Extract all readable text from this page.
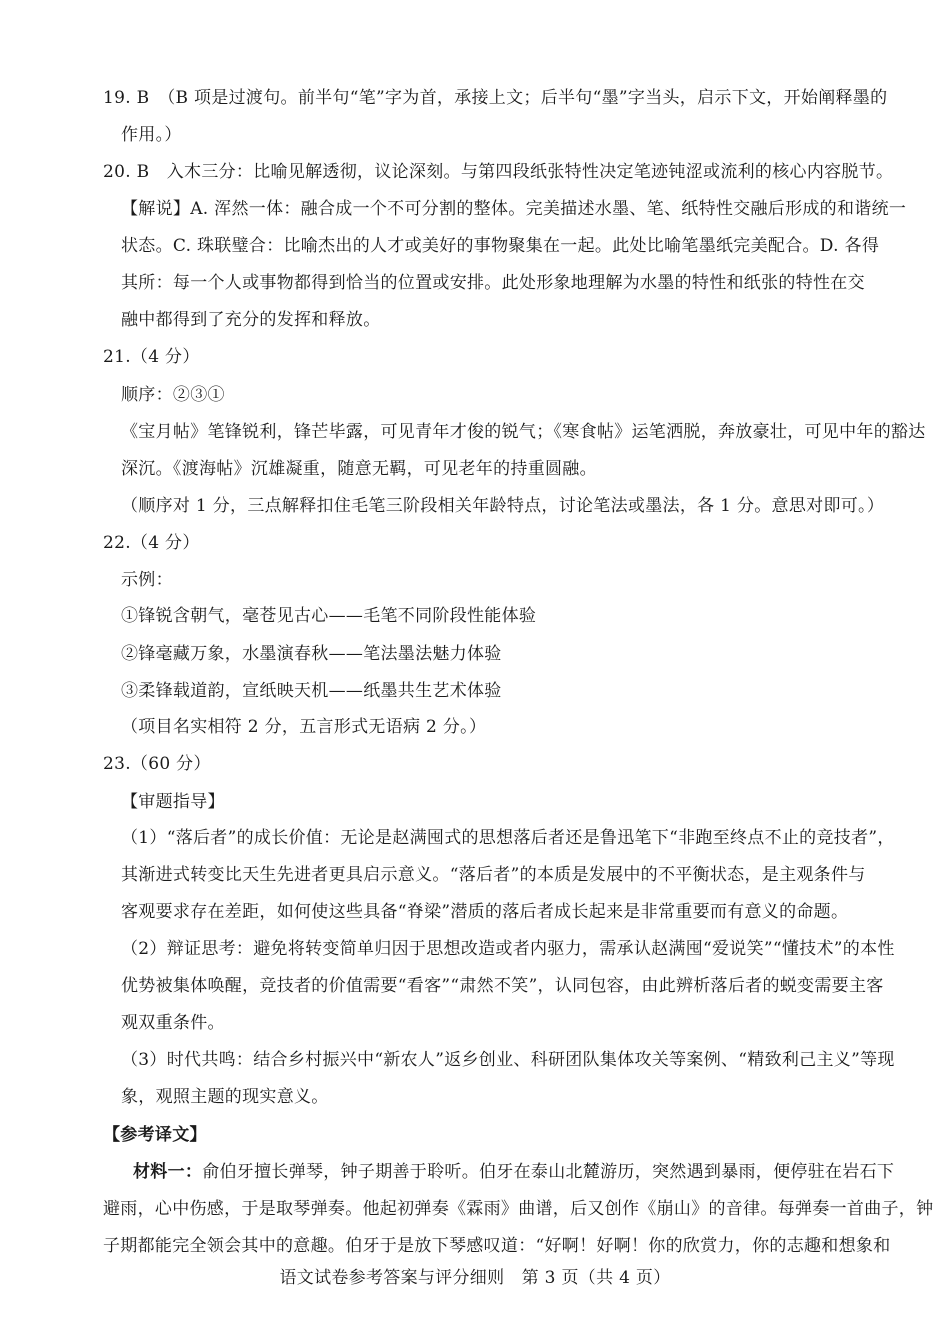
19. B　（B 项是过渡句。前半句“笔”字为首，承接上文；后半句“墨”字当头，启示下文，开始阐释墨的
作用。）
20. B　入木三分：比喻见解透彻，议论深刻。与第四段纸张特性决定笔迹钝涩或流利的核心内容脱节。
【解说】A. 浑然一体：融合成一个不可分割的整体。完美描述水墨、笔、纸特性交融后形成的和谐统一
状态。C. 珠联璧合：比喻杰出的人才或美好的事物聚集在一起。此处比喻笔墨纸完美配合。D. 各得
其所：每一个人或事物都得到恰当的位置或安排。此处形象地理解为水墨的特性和纸张的特性在交
融中都得到了充分的发挥和释放。
21.（4 分）
顺序：②③①
《宝月帖》笔锋锐利，锋芒毕露，可见青年才俊的锐气；《寒食帖》运笔洒脱，奔放豪壮，可见中年的豁达
深沉。《渡海帖》沉雄凝重，随意无羁，可见老年的持重圆融。
（顺序对 1 分，三点解释扣住毛笔三阶段相关年龄特点，讨论笔法或墨法，各 1 分。意思对即可。）
22.（4 分）
示例：
①锋锐含朝气，毫苍见古心——毛笔不同阶段性能体验
②锋毫藏万象，水墨演春秋——笔法墨法魅力体验
③柔锋载道韵，宣纸映天机——纸墨共生艺术体验
（项目名实相符 2 分，五言形式无语病 2 分。）
23.（60 分）
【审题指导】
（1）“落后者”的成长价值：无论是赵满囤式的思想落后者还是鲁迅笔下“非跑至终点不止的竞技者”，
其渐进式转变比天生先进者更具启示意义。“落后者”的本质是发展中的不平衡状态，是主观条件与
客观要求存在差距，如何使这些具备“脊梁”潜质的落后者成长起来是非常重要而有意义的命题。
（2）辩证思考：避免将转变简单归因于思想改造或者内驱力，需承认赵满囤“爱说笑”“懂技术”的本性
优势被集体唤醒，竞技者的价值需要“看客”“肃然不笑”，认同包容，由此辨析落后者的蜕变需要主客
观双重条件。
（3）时代共鸣：结合乡村振兴中“新农人”返乡创业、科研团队集体攻关等案例、“精致利己主义”等现
象，观照主题的现实意义。
【参考译文】
材料一：俞伯牙擅长弹琴，钟子期善于聆听。伯牙在泰山北麓游历，突然遇到暴雨，便停驻在岩石下
避雨，心中伤感，于是取琴弹奏。他起初弹奏《霖雨》曲谱，后又创作《崩山》的音律。每弹奏一首曲子，钟
子期都能完全领会其中的意趣。伯牙于是放下琴感叹道：“好啊！好啊！你的欣赏力，你的志趣和想象和
语文试卷参考答案与评分细则　第 3 页（共 4 页）
